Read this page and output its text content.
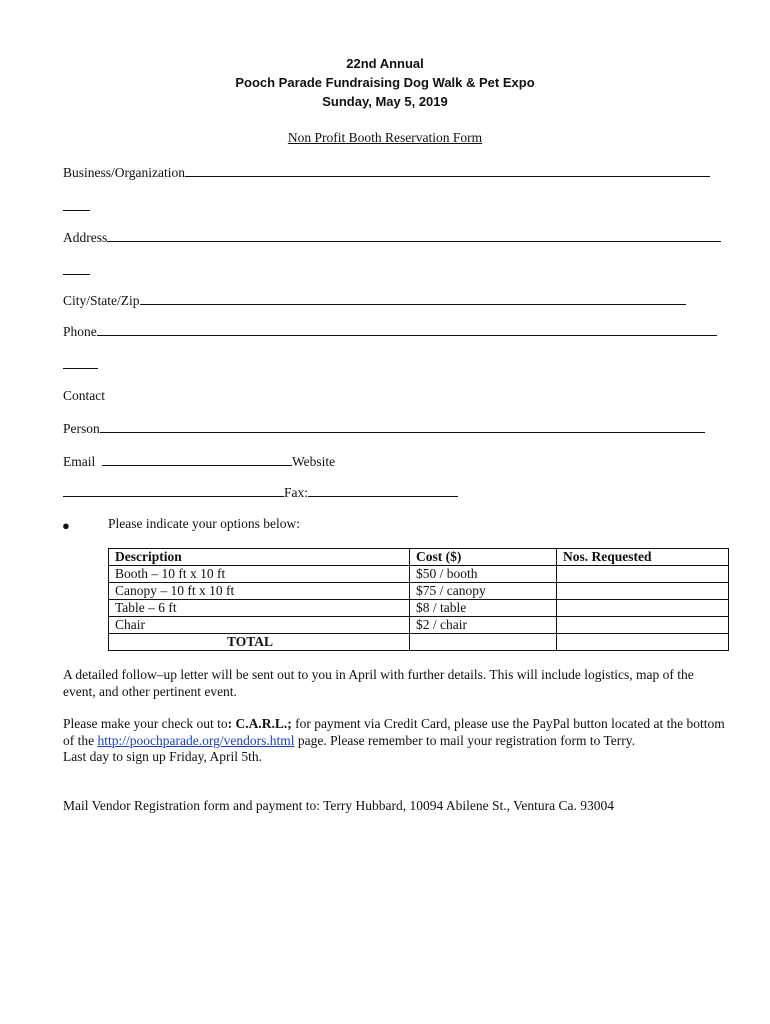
22nd Annual
Pooch Parade Fundraising Dog Walk & Pet Expo
Sunday, May 5, 2019
Non Profit Booth Reservation Form
Business/Organization
Address
City/State/Zip
Phone
Contact
Person
Email	Website
Fax:
●	Please indicate your options below:
Description	Cost ($)	Nos. Requested
Booth – 10 ft x 10 ft	$50 / booth	
Canopy – 10 ft x 10 ft	$75 / canopy	
Table – 6 ft	$8 / table	
Chair	$2 / chair	
TOTAL		
A detailed follow–up letter will be sent out to you in April with further details. This will include logistics, map of the event, and other pertinent event.
Please make your check out to: C.A.R.L.; for payment via Credit Card, please use the PayPal button located at the bottom of the http://poochparade.org/vendors.html page. Please remember to mail your registration form to Terry.
Last day to sign up Friday, April 5th.
Mail Vendor Registration form and payment to: Terry Hubbard, 10094 Abilene St., Ventura Ca. 93004
